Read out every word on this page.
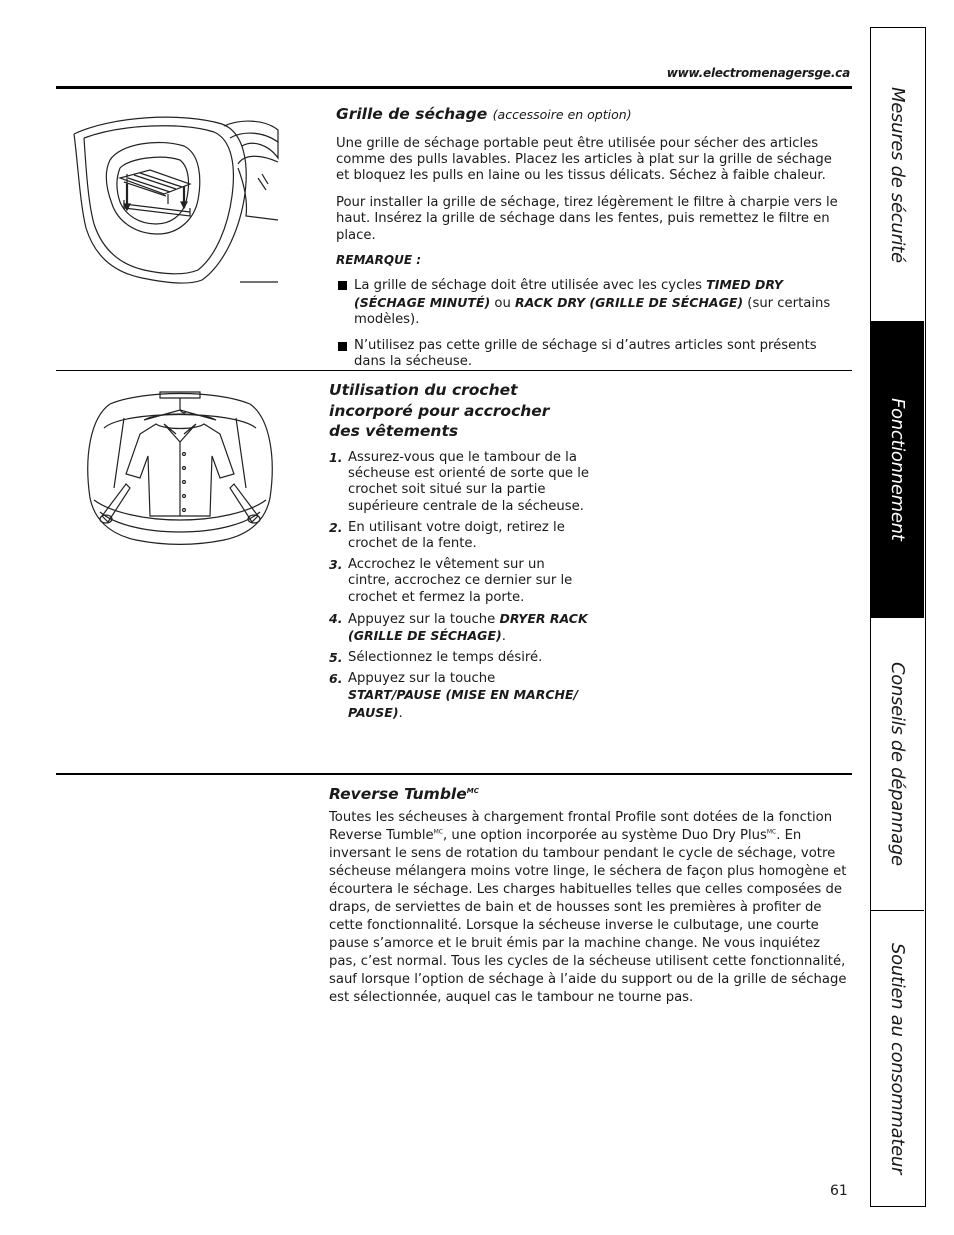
www.electromenagersge.ca
Mesures de sécurité
Fonctionnement
Conseils de dépannage
Soutien au consommateur
Grille de séchage (accessoire en option)

Une grille de séchage portable peut être utilisée pour sécher des articles comme des pulls lavables. Placez les articles à plat sur la grille de séchage et bloquez les pulls en laine ou les tissus délicats. Séchez à faible chaleur.

Pour installer la grille de séchage, tirez légèrement le filtre à charpie vers le haut. Insérez la grille de séchage dans les fentes, puis remettez le filtre en place.

REMARQUE :
La grille de séchage doit être utilisée avec les cycles TIMED DRY (SÉCHAGE MINUTÉ) ou RACK DRY (GRILLE DE SÉCHAGE) (sur certains modèles).
N’utilisez pas cette grille de séchage si d’autres articles sont présents dans la sécheuse.
Utilisation du crochet
incorporé pour accrocher
des vêtements
1. Assurez-vous que le tambour de la sécheuse est orienté de sorte que le crochet soit situé sur la partie supérieure centrale de la sécheuse.
2. En utilisant votre doigt, retirez le crochet de la fente.
3. Accrochez le vêtement sur un cintre, accrochez ce dernier sur le crochet et fermez la porte.
4. Appuyez sur la touche DRYER RACK (GRILLE DE SÉCHAGE).
5. Sélectionnez le temps désiré.
6. Appuyez sur la touche START/PAUSE (MISE EN MARCHE/ PAUSE).
Reverse Tumble$^{MC}$

Toutes les sécheuses à chargement frontal Profile sont dotées de la fonction Reverse Tumble$^{MC}$, une option incorporée au système Duo Dry Plus$^{MC}$. En inversant le sens de rotation du tambour pendant le cycle de séchage, votre sécheuse mélangera moins votre linge, le séchera de façon plus homogène et écourtera le séchage. Les charges habituelles telles que celles composées de draps, de serviettes de bain et de housses sont les premières à profiter de cette fonctionnalité. Lorsque la sécheuse inverse le culbutage, une courte pause s’amorce et le bruit émis par la machine change. Ne vous inquiétez pas, c’est normal. Tous les cycles de la sécheuse utilisent cette fonctionnalité, sauf lorsque l’option de séchage à l’aide du support ou de la grille de séchage est sélectionnée, auquel cas le tambour ne tourne pas.

61
